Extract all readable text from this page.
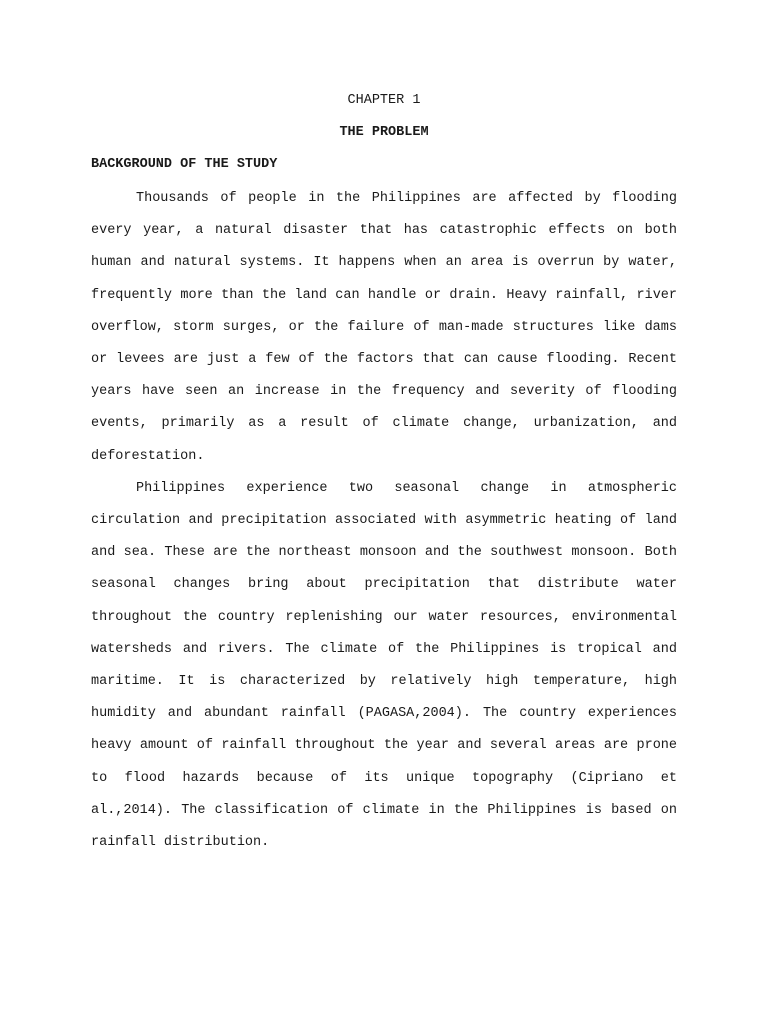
CHAPTER 1

THE PROBLEM

BACKGROUND OF THE STUDY

Thousands of people in the Philippines are affected by flooding every year, a natural disaster that has catastrophic effects on both human and natural systems. It happens when an area is overrun by water, frequently more than the land can handle or drain. Heavy rainfall, river overflow, storm surges, or the failure of man-made structures like dams or levees are just a few of the factors that can cause flooding. Recent years have seen an increase in the frequency and severity of flooding events, primarily as a result of climate change, urbanization, and deforestation.

Philippines experience two seasonal change in atmospheric circulation and precipitation associated with asymmetric heating of land and sea. These are the northeast monsoon and the southwest monsoon. Both seasonal changes bring about precipitation that distribute water throughout the country replenishing our water resources, environmental watersheds and rivers. The climate of the Philippines is tropical and maritime. It is characterized by relatively high temperature, high humidity and abundant rainfall (PAGASA,2004). The country experiences heavy amount of rainfall throughout the year and several areas are prone to flood hazards because of its unique topography (Cipriano et al.,2014). The classification of climate in the Philippines is based on rainfall distribution.
